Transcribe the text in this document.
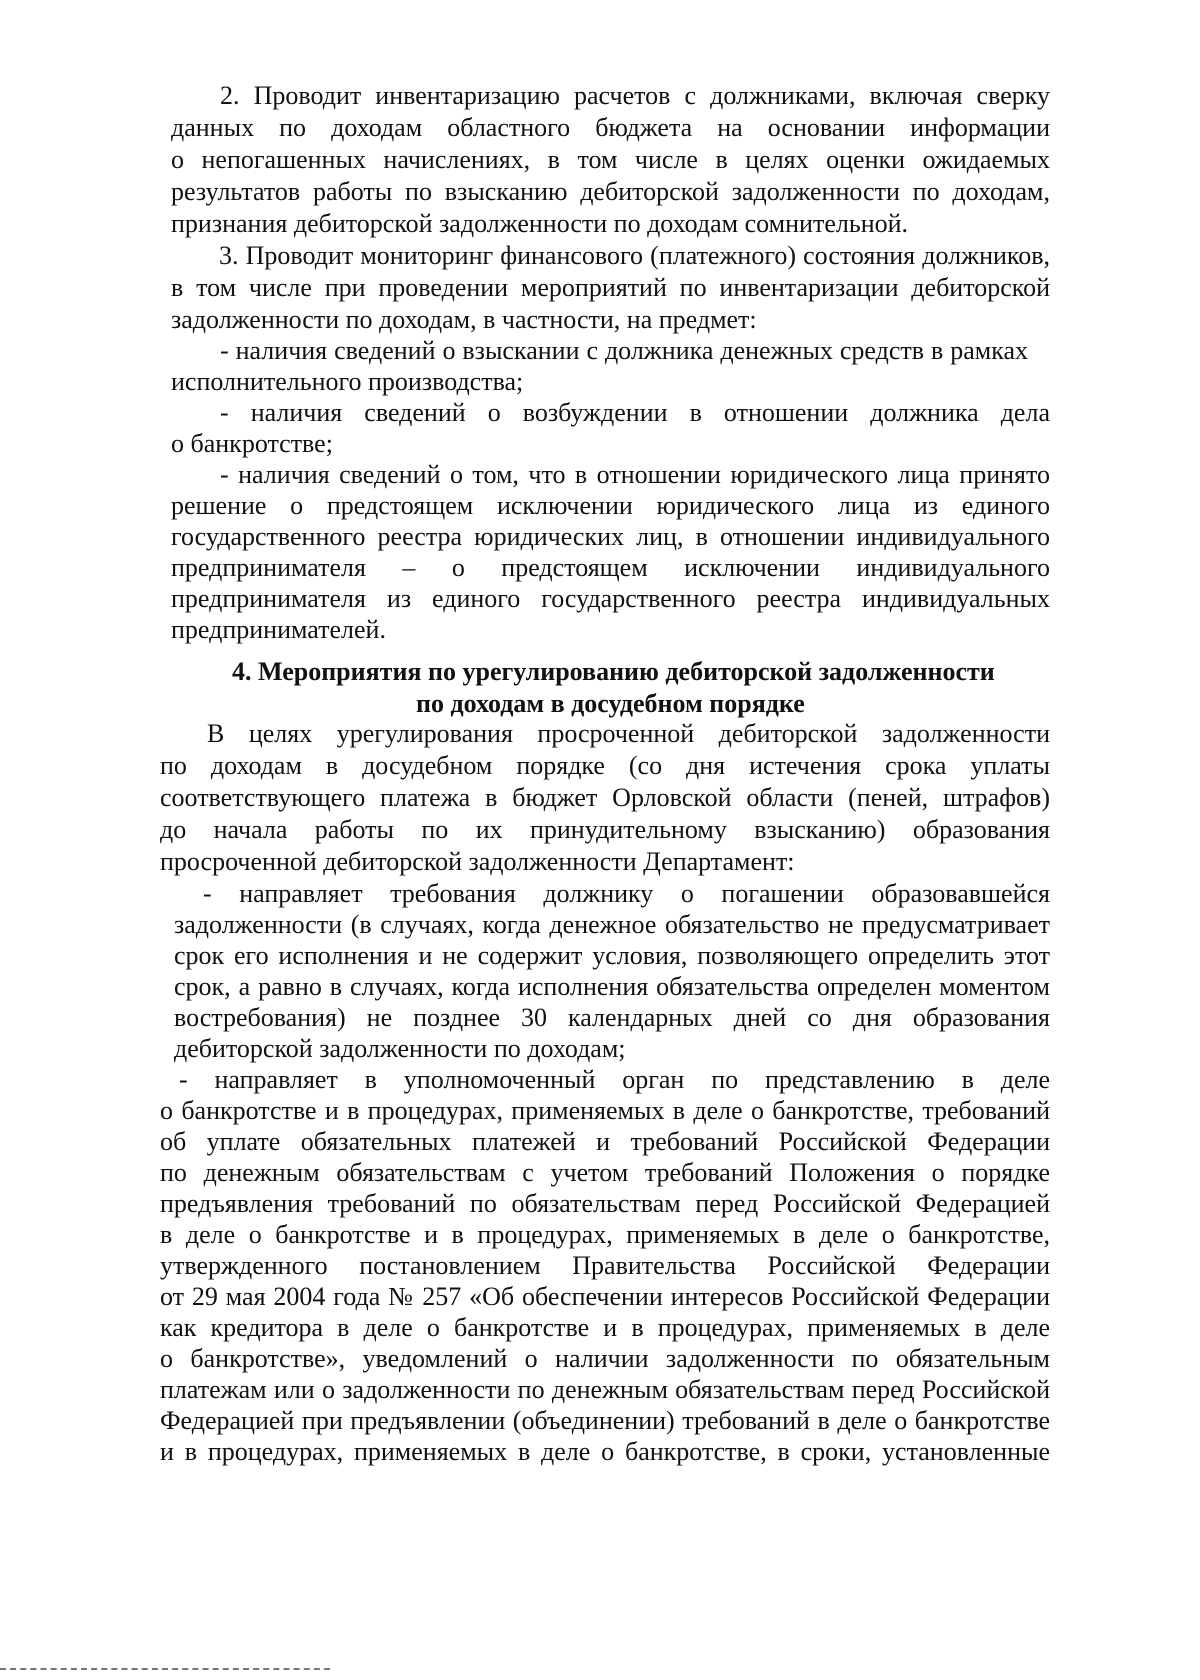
2. Проводит инвентаризацию расчетов с должниками, включая сверку
данных по доходам областного бюджета на основании информации
о непогашенных начислениях, в том числе в целях оценки ожидаемых
результатов работы по взысканию дебиторской задолженности по доходам,
признания дебиторской задолженности по доходам сомнительной.
3. Проводит мониторинг финансового (платежного) состояния должников,
в том числе при проведении мероприятий по инвентаризации дебиторской
задолженности по доходам, в частности, на предмет:
- наличия сведений о взыскании с должника денежных средств в рамках
исполнительного производства;
- наличия сведений о возбуждении в отношении должника дела
о банкротстве;
- наличия сведений о том, что в отношении юридического лица принято
решение о предстоящем исключении юридического лица из единого
государственного реестра юридических лиц, в отношении индивидуального
предпринимателя – о предстоящем исключении индивидуального
предпринимателя из единого государственного реестра индивидуальных
предпринимателей.
4. Мероприятия по урегулированию дебиторской задолженности
по доходам в досудебном порядке
В целях урегулирования просроченной дебиторской задолженности
по доходам в досудебном порядке (со дня истечения срока уплаты
соответствующего платежа в бюджет Орловской области (пеней, штрафов)
до начала работы по их принудительному взысканию) образования
просроченной дебиторской задолженности Департамент:
- направляет требования должнику о погашении образовавшейся
задолженности (в случаях, когда денежное обязательство не предусматривает
срок его исполнения и не содержит условия, позволяющего определить этот
срок, а равно в случаях, когда исполнения обязательства определен моментом
востребования) не позднее 30 календарных дней со дня образования
дебиторской задолженности по доходам;
- направляет в уполномоченный орган по представлению в деле
о банкротстве и в процедурах, применяемых в деле о банкротстве, требований
об уплате обязательных платежей и требований Российской Федерации
по денежным обязательствам с учетом требований Положения о порядке
предъявления требований по обязательствам перед Российской Федерацией
в деле о банкротстве и в процедурах, применяемых в деле о банкротстве,
утвержденного постановлением Правительства Российской Федерации
от 29 мая 2004 года № 257 «Об обеспечении интересов Российской Федерации
как кредитора в деле о банкротстве и в процедурах, применяемых в деле
о банкротстве», уведомлений о наличии задолженности по обязательным
платежам или о задолженности по денежным обязательствам перед Российской
Федерацией при предъявлении (объединении) требований в деле о банкротстве
и в процедурах, применяемых в деле о банкротстве, в сроки, установленные
